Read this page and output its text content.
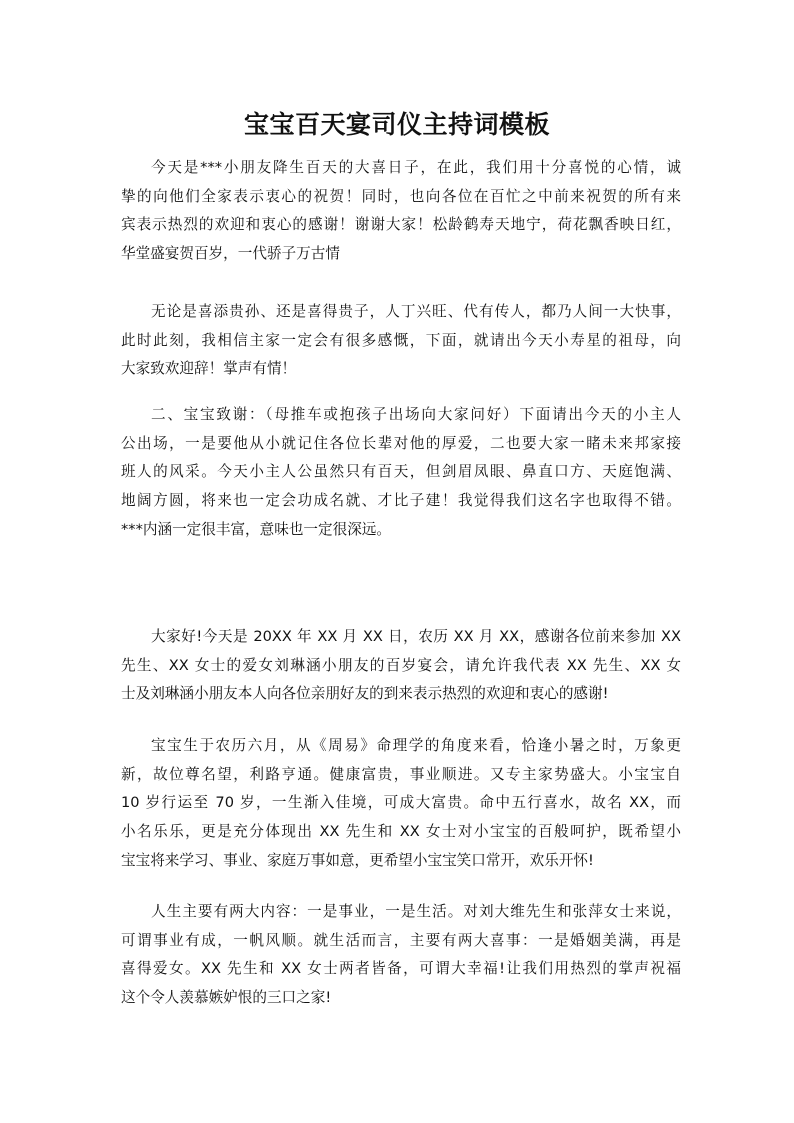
宝宝百天宴司仪主持词模板
今天是***小朋友降生百天的大喜日子，在此，我们用十分喜悦的心情，诚
挚的向他们全家表示衷心的祝贺！同时，也向各位在百忙之中前来祝贺的所有来
宾表示热烈的欢迎和衷心的感谢！谢谢大家！松龄鹤寿天地宁，荷花飘香映日红，
华堂盛宴贺百岁，一代骄子万古情
无论是喜添贵孙、还是喜得贵子，人丁兴旺、代有传人，都乃人间一大快事，
此时此刻，我相信主家一定会有很多感慨，下面，就请出今天小寿星的祖母，向
大家致欢迎辞！掌声有情！
二、宝宝致谢：（母推车或抱孩子出场向大家问好）下面请出今天的小主人
公出场，一是要他从小就记住各位长辈对他的厚爱，二也要大家一睹未来邦家接
班人的风采。今天小主人公虽然只有百天，但剑眉凤眼、鼻直口方、天庭饱满、
地阔方圆，将来也一定会功成名就、才比子建！我觉得我们这名字也取得不错。
***内涵一定很丰富，意味也一定很深远。
大家好!今天是 20XX 年 XX 月 XX 日，农历 XX 月 XX，感谢各位前来参加 XX
先生、XX 女士的爱女刘琳涵小朋友的百岁宴会，请允许我代表 XX 先生、XX 女
士及刘琳涵小朋友本人向各位亲朋好友的到来表示热烈的欢迎和衷心的感谢!
宝宝生于农历六月，从《周易》命理学的角度来看，恰逢小暑之时，万象更
新，故位尊名望，利路亨通。健康富贵，事业顺进。又专主家势盛大。小宝宝自
10 岁行运至 70 岁，一生渐入佳境，可成大富贵。命中五行喜水，故名 XX，而
小名乐乐，更是充分体现出 XX 先生和 XX 女士对小宝宝的百般呵护，既希望小
宝宝将来学习、事业、家庭万事如意，更希望小宝宝笑口常开，欢乐开怀!
人生主要有两大内容：一是事业，一是生活。对刘大维先生和张萍女士来说，
可谓事业有成，一帆风顺。就生活而言，主要有两大喜事：一是婚姻美满，再是
喜得爱女。XX 先生和 XX 女士两者皆备，可谓大幸福!让我们用热烈的掌声祝福
这个令人羡慕嫉妒恨的三口之家!
